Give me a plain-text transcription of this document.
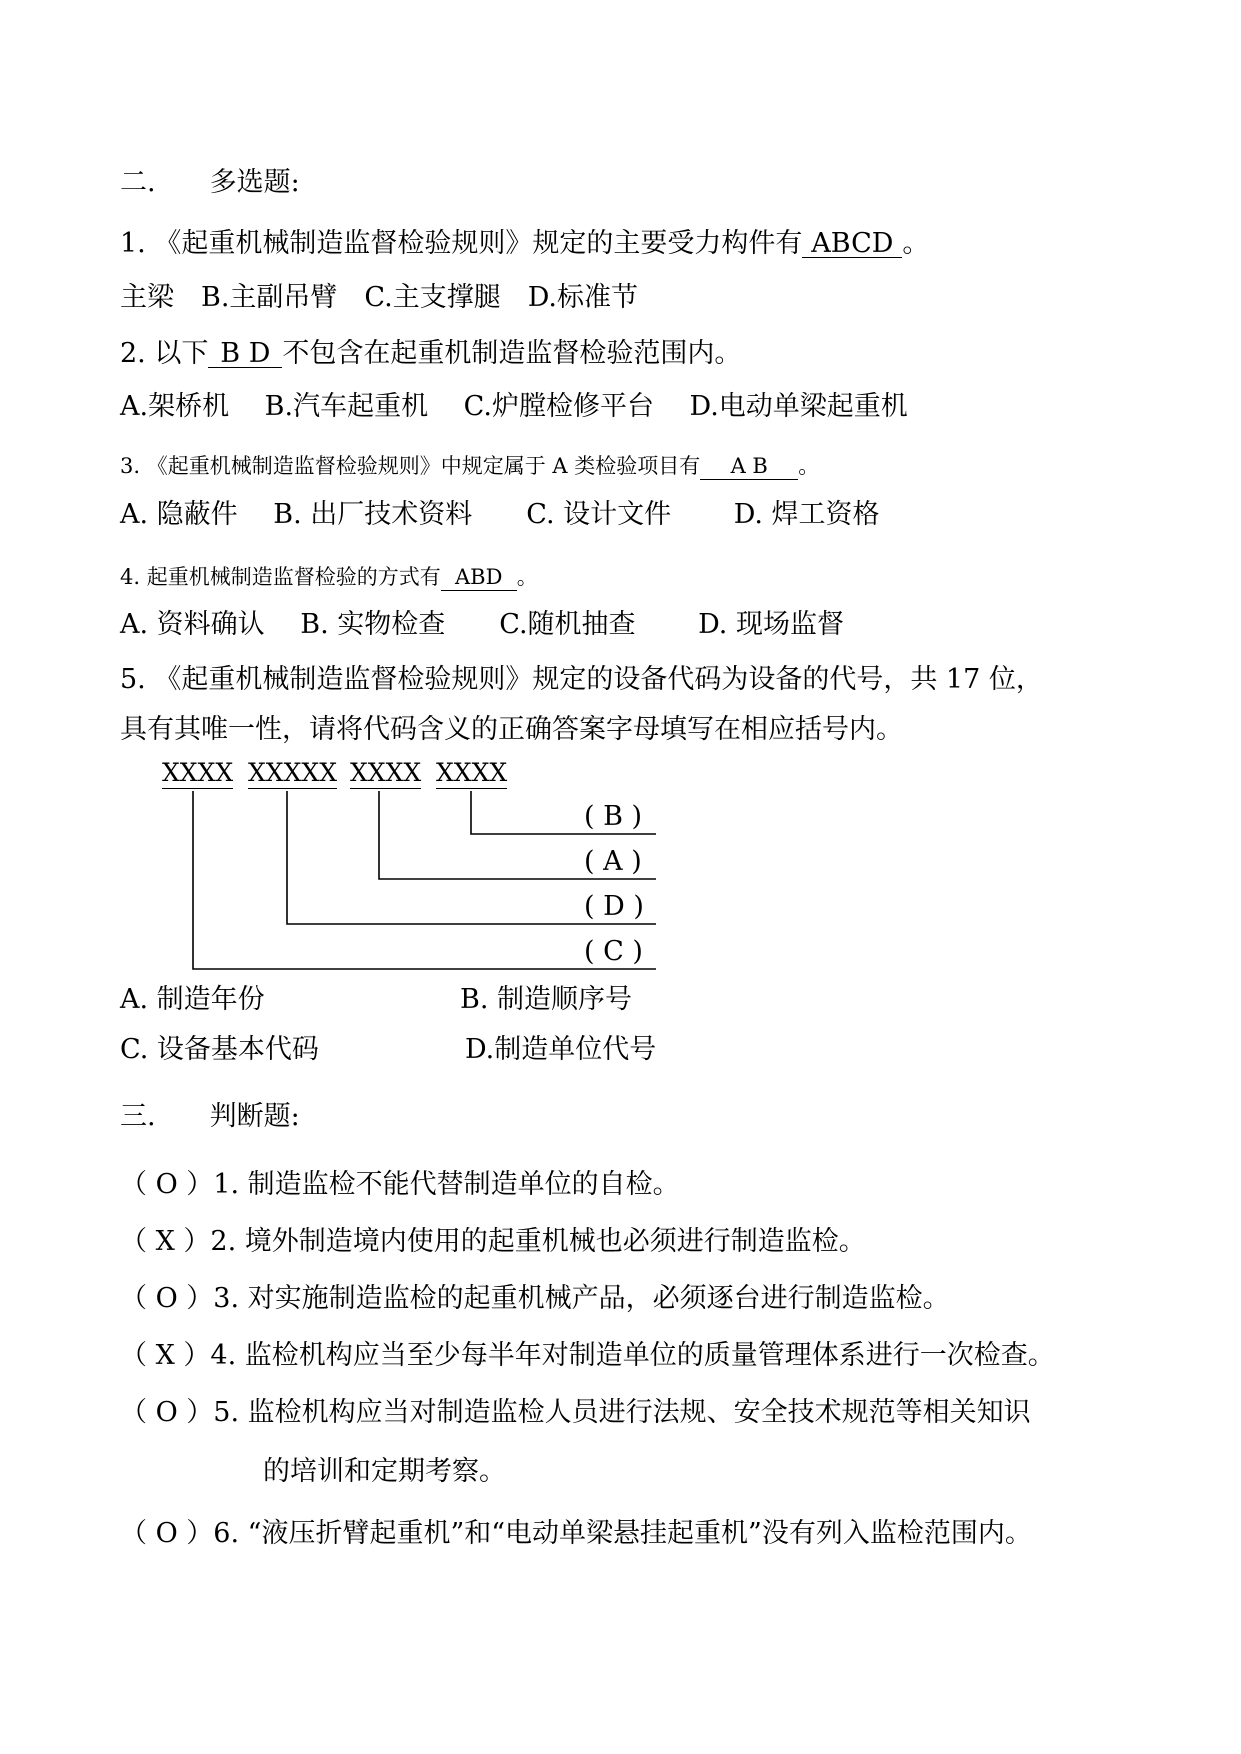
二.　　多选题:
1. 《起重机械制造监督检验规则》规定的主要受力构件有 ABCD 。
主梁　B.主副吊臂　C.主支撑腿　D.标准节
2. 以下 B D 不包含在起重机制造监督检验范围内。
A.架桥机　 B.汽车起重机　 C.炉膛检修平台　 D.电动单梁起重机
3. 《起重机械制造监督检验规则》中规定属于 A 类检验项目有 A B 。
A. 隐蔽件　 B. 出厂技术资料　　C. 设计文件　　 D. 焊工资格
4. 起重机械制造监督检验的方式有 ABD 。
A. 资料确认　 B. 实物检查　　C.随机抽查　　 D. 现场监督
5. 《起重机械制造监督检验规则》规定的设备代码为设备的代号，共 17 位，
具有其唯一性，请将代码含义的正确答案字母填写在相应括号内。
XXXX XXXXX XXXX XXXX
( B )
( A )
( D )
( C )
A. 制造年份	B. 制造顺序号
C. 设备基本代码	D.制造单位代号
三.　　判断题:
（ O ）1. 制造监检不能代替制造单位的自检。
（ X ）2. 境外制造境内使用的起重机械也必须进行制造监检。
（ O ）3. 对实施制造监检的起重机械产品，必须逐台进行制造监检。
（ X ）4. 监检机构应当至少每半年对制造单位的质量管理体系进行一次检查。
（ O ）5. 监检机构应当对制造监检人员进行法规、安全技术规范等相关知识
的培训和定期考察。
（ O ）6. “液压折臂起重机”和“电动单梁悬挂起重机”没有列入监检范围内。
